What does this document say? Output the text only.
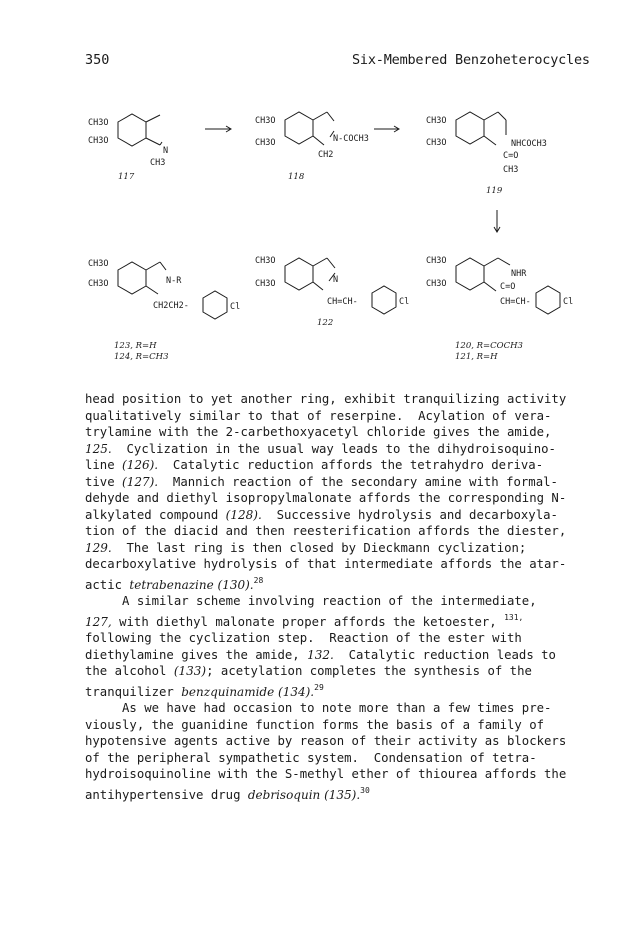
350	Six-Membered Benzoheterocycles
CH3O
CH3O
N
CH3
117
CH3O
CH3O	N-COCH3
CH2
118
CH3O
CH3O	NHCOCH3
C=O
CH3
119
CH3O
CH3O	N-R
CH2CH2-	Cl
123, R=H
124, R=CH3
CH3O
CH3O	N
CH=CH-	Cl
122
CH3O
CH3O
NHR
C=O
CH=CH-	Cl
120, R=COCH3
121, R=H

head position to yet another ring, exhibit tranquilizing activity

qualitatively similar to that of reserpine.  Acylation of vera-

trylamine with the 2-carbethoxyacetyl chloride gives the amide,

125.  Cyclization in the usual way leads to the dihydroisoquino-

line (126).  Catalytic reduction affords the tetrahydro deriva-

tive (127).  Mannich reaction of the secondary amine with formal-

dehyde and diethyl isopropylmalonate affords the corresponding N-

alkylated compound (128).  Successive hydrolysis and decarboxyla-

tion of the diacid and then reesterification affords the diester,

129.  The last ring is then closed by Dieckmann cyclization;

decarboxylative hydrolysis of that intermediate affords the atar-

actic tetrabenazine (130).$^{28}$

A similar scheme involving reaction of the intermediate,

127, with diethyl malonate proper affords the ketoester, $^{131,}$

following the cyclization step.  Reaction of the ester with

diethylamine gives the amide, 132.  Catalytic reduction leads to

the alcohol (133); acetylation completes the synthesis of the

tranquilizer benzquinamide (134).$^{29}$

As we have had occasion to note more than a few times pre-

viously, the guanidine function forms the basis of a family of

hypotensive agents active by reason of their activity as blockers

of the peripheral sympathetic system.  Condensation of tetra-

hydroisoquinoline with the S-methyl ether of thiourea affords the

antihypertensive drug debrisoquin (135).$^{30}$
